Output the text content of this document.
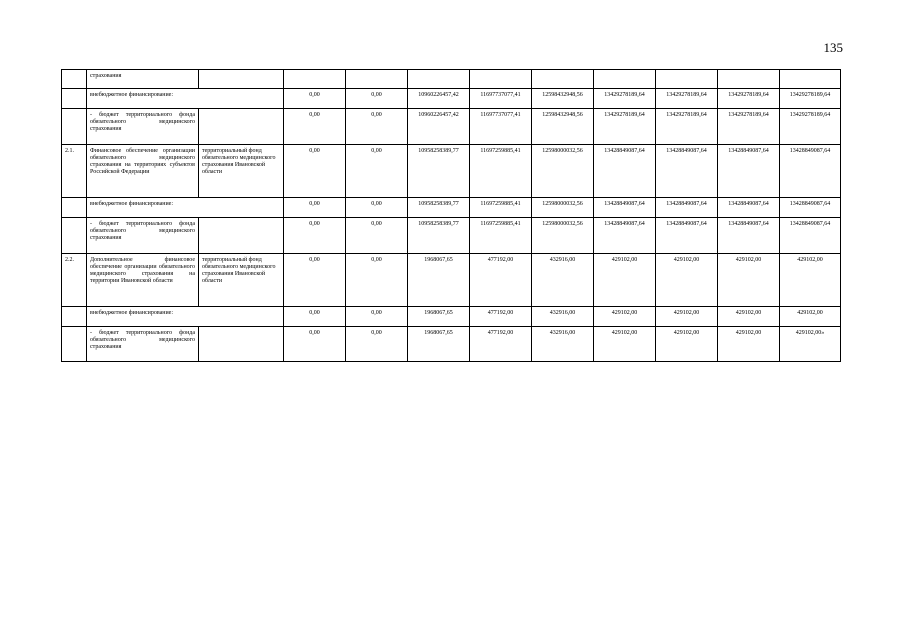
135
	страхования											
	внебюджетное финансирование:		0,00	0,00	10960226457,42	11697737077,41	12598432948,56	13429278189,64	13429278189,64	13429278189,64	13429278189,64	
	- бюджет территориального фонда обязательного медицинского страхования		0,00	0,00	10960226457,42	11697737077,41	12598432948,56	13429278189,64	13429278189,64	13429278189,64	13429278189,64	
2.1.	Финансовое обеспечение организации обязательного медицинского страхования на территориях субъектов Российской Федерации	территориальный фонд обязательного медицинского страхования Ивановской области	0,00	0,00	10958258389,77	11697259885,41	12598000032,56	13428849087,64	13428849087,64	13428849087,64	13428849087,64	
	внебюджетное финансирование:		0,00	0,00	10958258389,77	11697259885,41	12598000032,56	13428849087,64	13428849087,64	13428849087,64	13428849087,64	
	- бюджет территориального фонда обязательного медицинского страхования		0,00	0,00	10958258389,77	11697259885,41	12598000032,56	13428849087,64	13428849087,64	13428849087,64	13428849087,64	
2.2.	Дополнительное финансовое обеспечение организации обязательного медицинского страхования на территории Ивановской области	территориальный фонд обязательного медицинского страхования Ивановской области	0,00	0,00	1968067,65	477192,00	432916,00	429102,00	429102,00	429102,00	429102,00	
	внебюджетное финансирование:		0,00	0,00	1968067,65	477192,00	432916,00	429102,00	429102,00	429102,00	429102,00	
	- бюджет территориального фонда обязательного медицинского страхования		0,00	0,00	1968067,65	477192,00	432916,00	429102,00	429102,00	429102,00	429102,00»	
